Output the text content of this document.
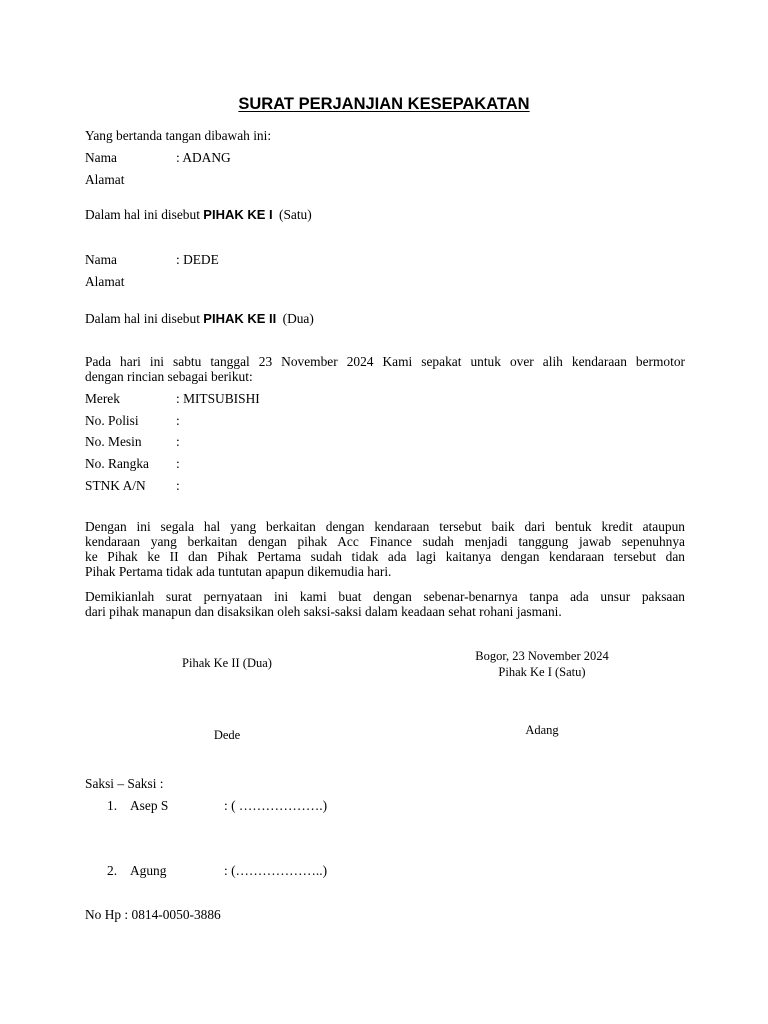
SURAT PERJANJIAN KESEPAKATAN
Yang bertanda tangan dibawah ini:
Nama	: ADANG
Alamat
Dalam hal ini disebut PIHAK KE I (Satu)
Nama	: DEDE
Alamat
Dalam hal ini disebut PIHAK KE II (Dua)
Pada hari ini sabtu tanggal 23 November 2024 Kami sepakat untuk over alih kendaraan bermotor
dengan rincian sebagai berikut:
Merek	: MITSUBISHI
No. Polisi	:
No. Mesin	:
No. Rangka :
STNK A/N :
Dengan ini segala hal yang berkaitan dengan kendaraan tersebut baik dari bentuk kredit ataupun
kendaraan yang berkaitan dengan pihak Acc Finance sudah menjadi tanggung jawab sepenuhnya
ke Pihak ke II dan Pihak Pertama sudah tidak ada lagi kaitanya dengan kendaraan tersebut dan
Pihak Pertama tidak ada tuntutan apapun dikemudia hari.
Demikianlah surat pernyataan ini kami buat dengan sebenar-benarnya tanpa ada unsur paksaan
dari pihak manapun dan disaksikan oleh saksi-saksi dalam keadaan sehat rohani jasmani.
Bogor, 23 November 2024
Pihak Ke II (Dua)
Pihak Ke I (Satu)
Dede	Adang
Saksi – Saksi :
1. Asep S	: ( ……………….)
2. Agung	: (………………..)
No Hp : 0814-0050-3886
